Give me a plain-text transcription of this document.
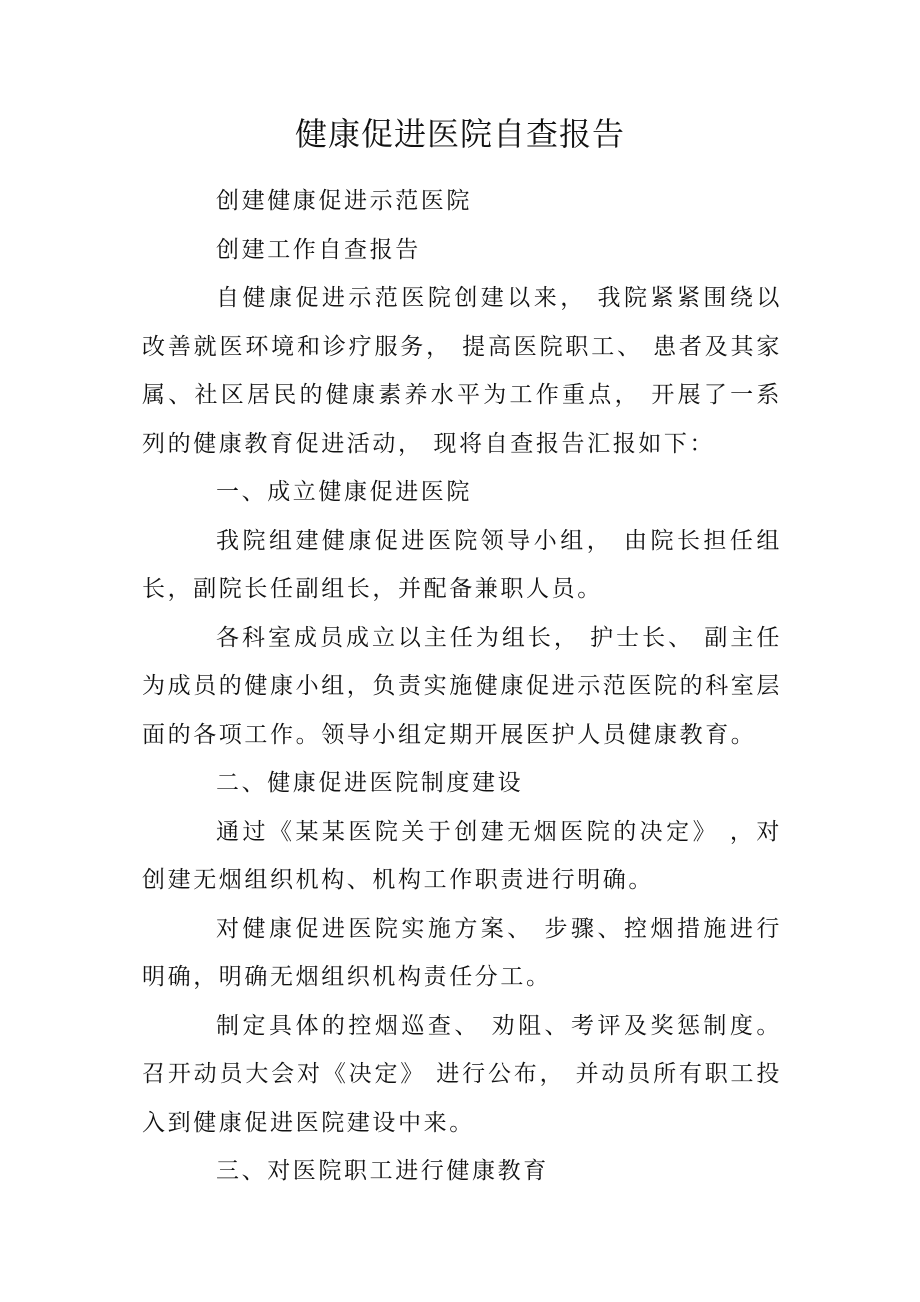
健康促进医院自查报告

创建健康促进示范医院

创建工作自查报告

自健康促进示范医院创建以来， 我院紧紧围绕以改善就医环境和诊疗服务， 提高医院职工、 患者及其家属、社区居民的健康素养水平为工作重点， 开展了一系列的健康教育促进活动， 现将自查报告汇报如下：

一、成立健康促进医院

我院组建健康促进医院领导小组， 由院长担任组长，副院长任副组长，并配备兼职人员。

各科室成员成立以主任为组长， 护士长、 副主任为成员的健康小组，负责实施健康促进示范医院的科室层面的各项工作。领导小组定期开展医护人员健康教育。

二、健康促进医院制度建设

通过《某某医院关于创建无烟医院的决定》 ，对创建无烟组织机构、机构工作职责进行明确。

对健康促进医院实施方案、 步骤、控烟措施进行明确，明确无烟组织机构责任分工。

制定具体的控烟巡查、 劝阻、考评及奖惩制度。召开动员大会对《决定》 进行公布， 并动员所有职工投入到健康促进医院建设中来。

三、对医院职工进行健康教育
